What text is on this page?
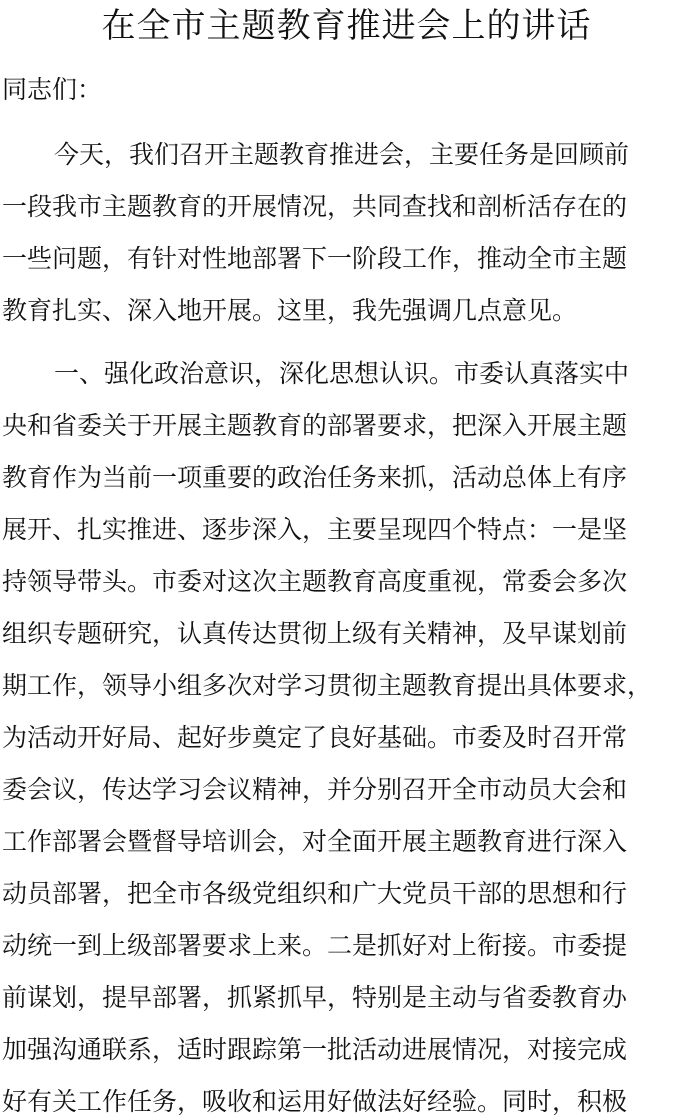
在全市主题教育推进会上的讲话
同志们：
今天，我们召开主题教育推进会，主要任务是回顾前
一段我市主题教育的开展情况，共同查找和剖析活存在的
一些问题，有针对性地部署下一阶段工作，推动全市主题
教育扎实、深入地开展。这里，我先强调几点意见。
一、强化政治意识，深化思想认识。市委认真落实中
央和省委关于开展主题教育的部署要求，把深入开展主题
教育作为当前一项重要的政治任务来抓，活动总体上有序
展开、扎实推进、逐步深入，主要呈现四个特点：一是坚
持领导带头。市委对这次主题教育高度重视，常委会多次
组织专题研究，认真传达贯彻上级有关精神，及早谋划前
期工作，领导小组多次对学习贯彻主题教育提出具体要求，
为活动开好局、起好步奠定了良好基础。市委及时召开常
委会议，传达学习会议精神，并分别召开全市动员大会和
工作部署会暨督导培训会，对全面开展主题教育进行深入
动员部署，把全市各级党组织和广大党员干部的思想和行
动统一到上级部署要求上来。二是抓好对上衔接。市委提
前谋划，提早部署，抓紧抓早，特别是主动与省委教育办
加强沟通联系，适时跟踪第一批活动进展情况，对接完成
好有关工作任务，吸收和运用好做法好经验。同时，积极
